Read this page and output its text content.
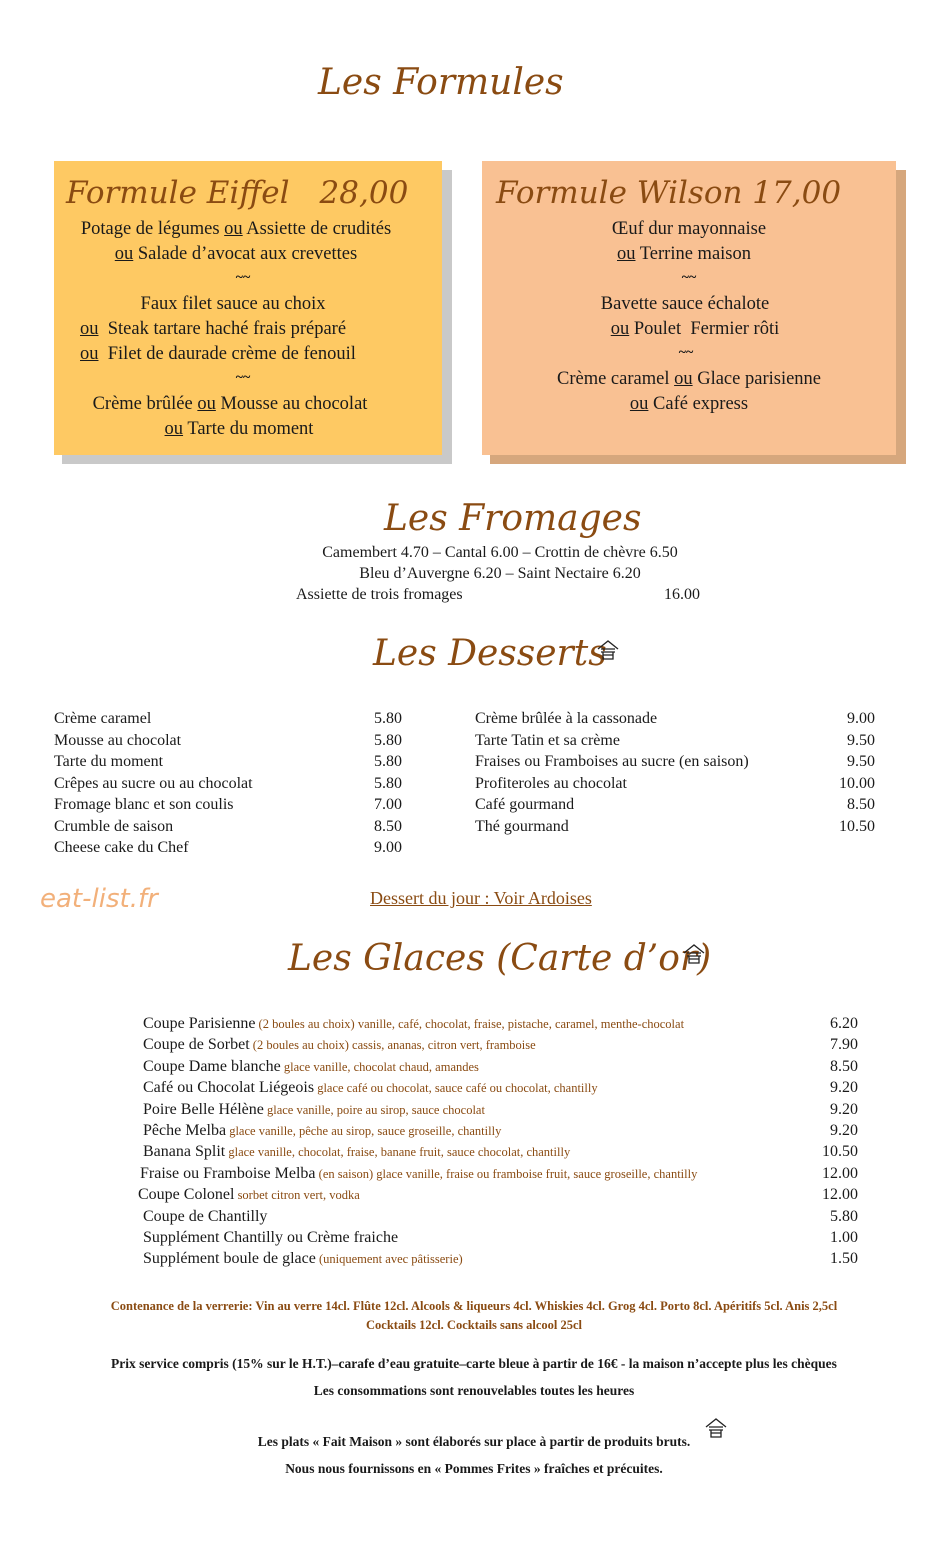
Les Formules
Formule Eiffel 28,00
Potage de légumes ou Assiette de crudités
ou Salade d’avocat aux crevettes
~~
Faux filet sauce au choix
ou  Steak tartare haché frais préparé
ou  Filet de daurade crème de fenouil
~~
Crème brûlée ou Mousse au chocolat
ou Tarte du moment
Formule Wilson 17,00
Œuf dur mayonnaise
ou Terrine maison
~~
Bavette sauce échalote
ou Poulet  Fermier rôti
~~
Crème caramel ou Glace parisienne
ou Café express
Les Fromages
Camembert 4.70 – Cantal 6.00 – Crottin de chèvre 6.50
Bleu d’Auvergne 6.20 – Saint Nectaire 6.20
Assiette de trois fromages	16.00
Les Desserts
Crème caramel	5.80
Mousse au chocolat	5.80
Tarte du moment	5.80
Crêpes au sucre ou au chocolat	5.80
Fromage blanc et son coulis	7.00
Crumble de saison	8.50
Cheese cake du Chef	9.00
Crème brûlée à la cassonade	9.00
Tarte Tatin et sa crème	9.50
Fraises ou Framboises au sucre (en saison)	9.50
Profiteroles au chocolat	10.00
Café gourmand	8.50
Thé gourmand	10.50
eat-list.fr	Dessert du jour : Voir Ardoises
Les Glaces (Carte d’or)
Coupe Parisienne (2 boules au choix) vanille, café, chocolat, fraise, pistache, caramel, menthe-chocolat	6.20
Coupe de Sorbet (2 boules au choix) cassis, ananas, citron vert, framboise	7.90
Coupe Dame blanche glace vanille, chocolat chaud, amandes	8.50
Café ou Chocolat Liégeois glace café ou chocolat, sauce café ou chocolat, chantilly	9.20
Poire Belle Hélène glace vanille, poire au sirop, sauce chocolat	9.20
Pêche Melba glace vanille, pêche au sirop, sauce groseille, chantilly	9.20
Banana Split glace vanille, chocolat, fraise, banane fruit, sauce chocolat, chantilly	10.50
Fraise ou Framboise Melba (en saison) glace vanille, fraise ou framboise fruit, sauce groseille, chantilly	12.00
Coupe Colonel sorbet citron vert, vodka	12.00
Coupe de Chantilly	5.80
Supplément Chantilly ou Crème fraiche	1.00
Supplément boule de glace (uniquement avec pâtisserie)	1.50
Contenance de la verrerie: Vin au verre 14cl. Flûte 12cl. Alcools & liqueurs 4cl. Whiskies 4cl. Grog 4cl. Porto 8cl. Apéritifs 5cl. Anis 2,5cl
Cocktails 12cl. Cocktails sans alcool 25cl
Prix service compris (15% sur le H.T.)–carafe d’eau gratuite–carte bleue à partir de 16€ - la maison n’accepte plus les chèques
Les consommations sont renouvelables toutes les heures
Les plats « Fait Maison » sont élaborés sur place à partir de produits bruts.
Nous nous fournissons en « Pommes Frites » fraîches et précuites.
